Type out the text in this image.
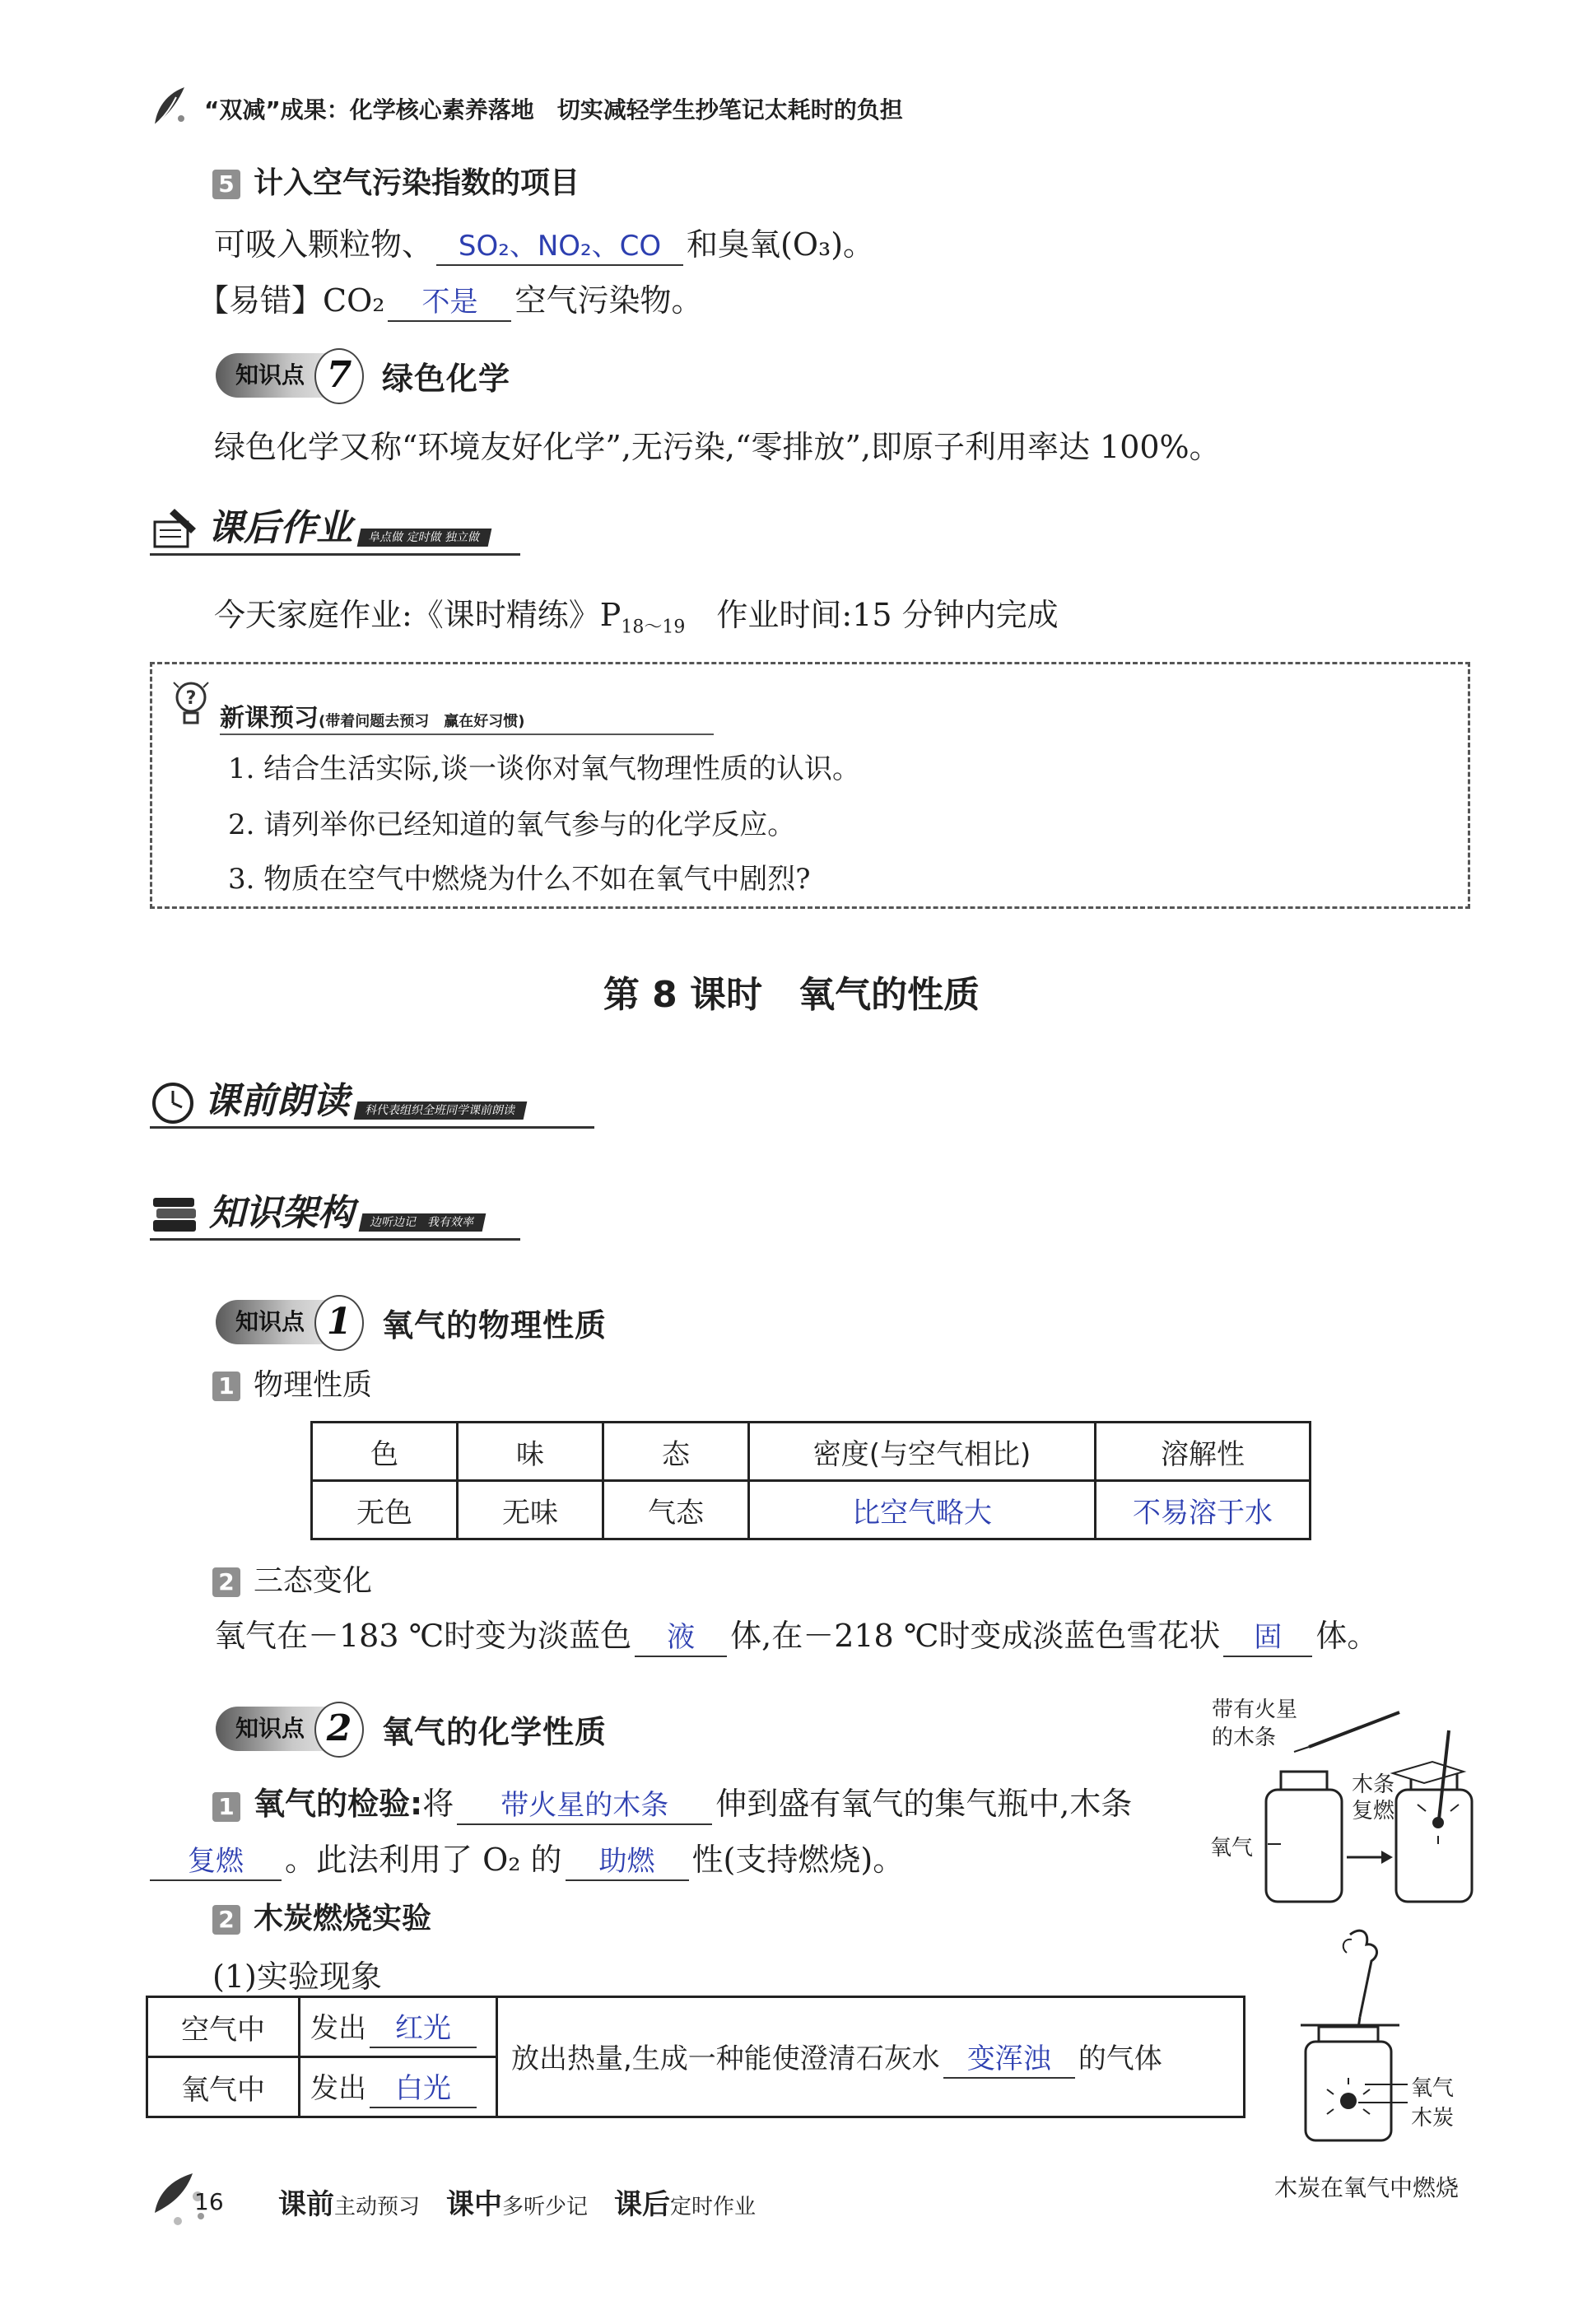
“双减”成果：化学核心素养落地　切实减轻学生抄笔记太耗时的负担
5 计入空气污染指数的项目
可吸入颗粒物、 SO₂、NO₂、CO 和臭氧(O₃)。
【易错】CO₂ 不是 空气污染物。
知识点 7 绿色化学
绿色化学又称“环境友好化学”,无污染,“零排放”,即原子利用率达 100%。
课后作业	阜点做 定时做 独立做
今天家庭作业:《课时精练》$P_{18\sim 19}$　作业时间:15 分钟内完成
?
新课预习(带着问题去预习　赢在好习惯)
1. 结合生活实际,谈一谈你对氧气物理性质的认识。
2. 请列举你已经知道的氧气参与的化学反应。
3. 物质在空气中燃烧为什么不如在氧气中剧烈?
第 8 课时　氧气的性质
课前朗读	科代表组织全班同学课前朗读
知识架构	边听边记　我有效率
知识点 1 氧气的物理性质
1 物理性质
色	味	态	密度(与空气相比)	溶解性
无色	无味	气态	比空气略大	不易溶于水
2 三态变化
氧气在－183 ℃时变为淡蓝色 液 体,在－218 ℃时变成淡蓝色雪花状 固 体。
知识点 2 氧气的化学性质
1 氧气的检验:将 带火星的木条 伸到盛有氧气的集气瓶中,木条
复燃 。此法利用了 O₂ 的 助燃 性(支持燃烧)。
2 木炭燃烧实验
(1)实验现象
空气中	发出 红光	放出热量,生成一种能使澄清石灰水 变浑浊 的气体
氧气中	发出 白光	
带有火星
的木条
氧气
木条
复燃
氧气
木炭
木炭在氧气中燃烧
16 课前主动预习 课中多听少记 课后定时作业
